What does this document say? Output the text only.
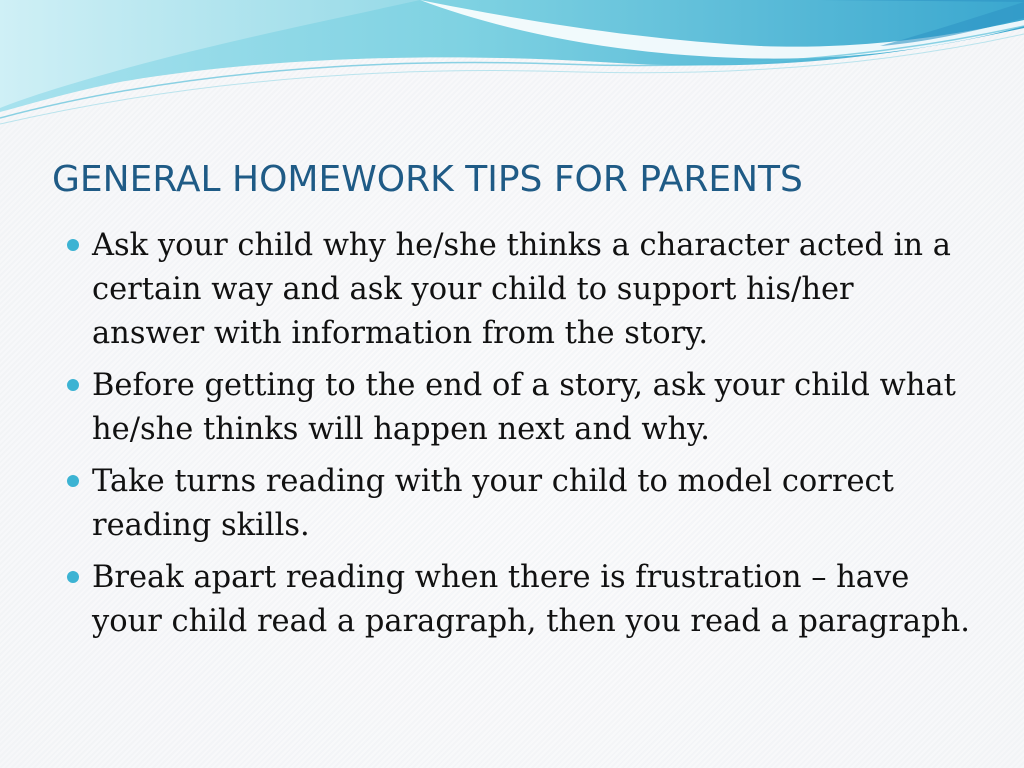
GENERAL HOMEWORK TIPS FOR PARENTS
Ask your child why he/she thinks a character acted in a certain way and ask your child to support his/her answer with information from the story.
Before getting to the end of a story, ask your child what he/she thinks will happen next and why.
Take turns reading with your child to model correct reading skills.
Break apart reading when there is frustration – have your child read a paragraph, then you read a paragraph.
